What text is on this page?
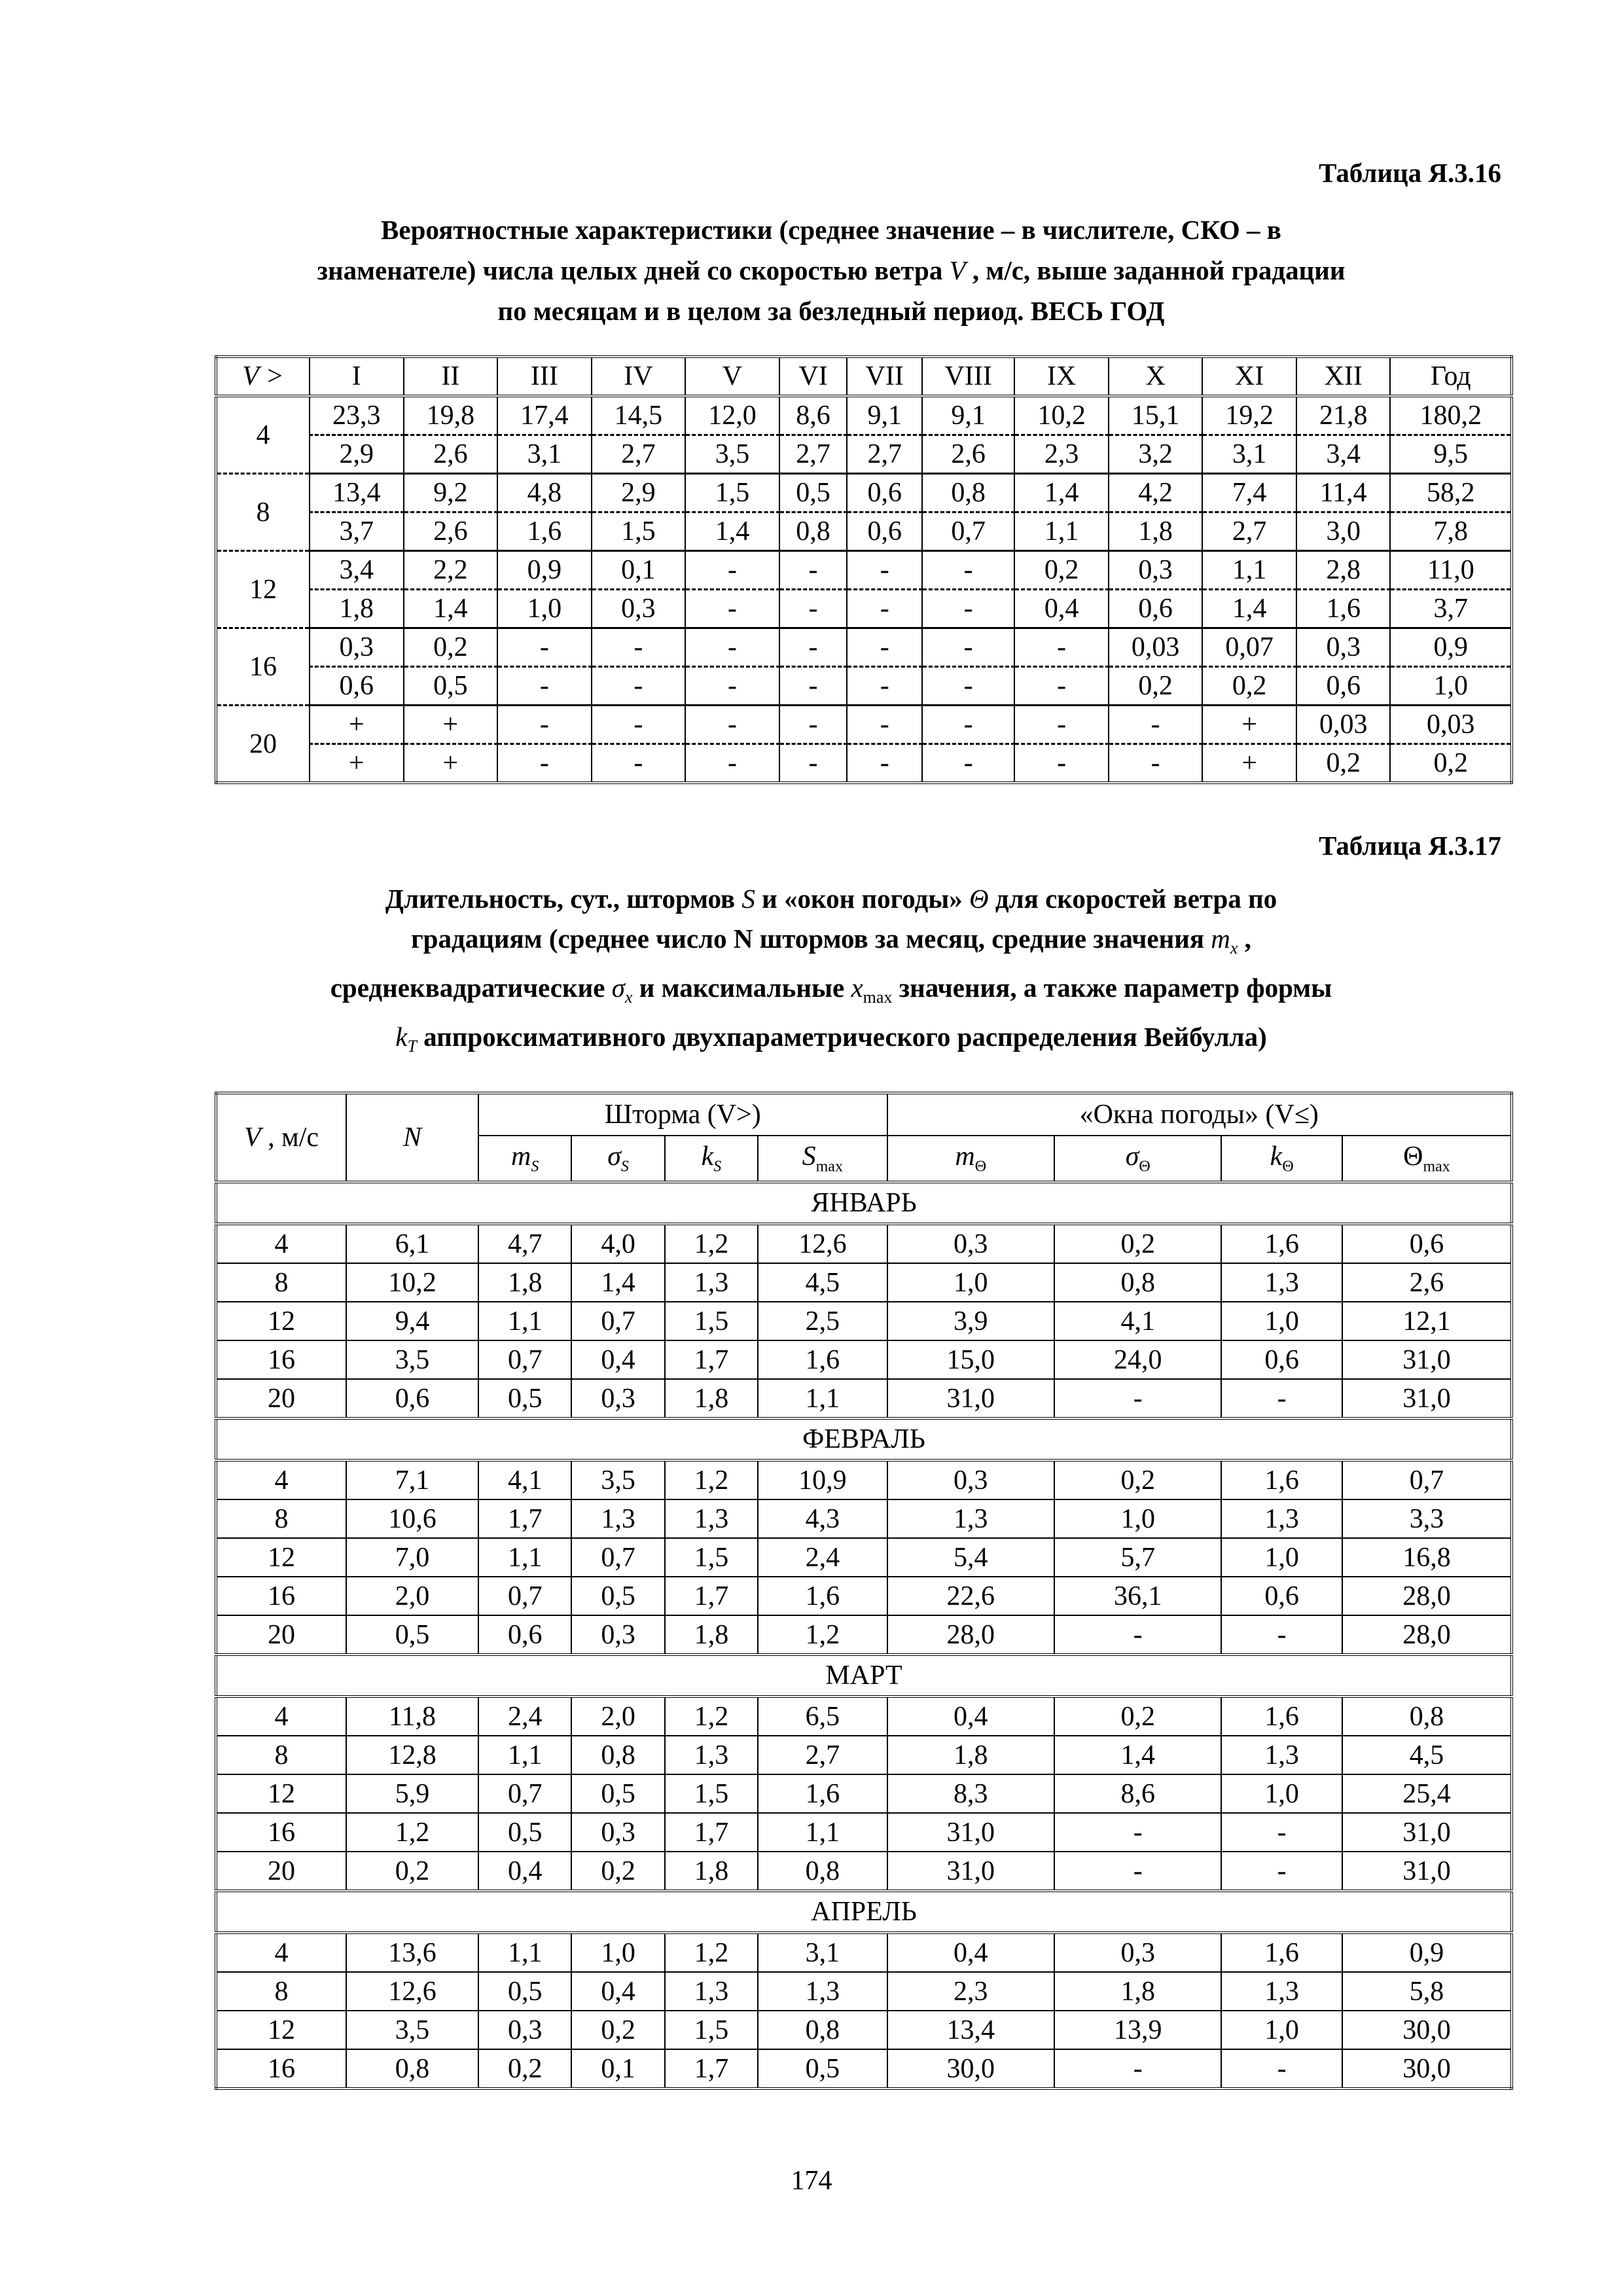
Таблица Я.3.16
Вероятностные характеристики (среднее значение – в числителе, СКО – в
знаменателе) числа целых дней со скоростью ветра V , м/с, выше заданной градации
по месяцам и в целом за безледный период. ВЕСЬ ГОД
V >	I	II	III	IV	V	VI	VII	VIII	IX	X	XI	XII	Год
4	23,3	19,8	17,4	14,5	12,0	8,6	9,1	9,1	10,2	15,1	19,2	21,8	180,2
	2,9	2,6	3,1	2,7	3,5	2,7	2,7	2,6	2,3	3,2	3,1	3,4	9,5
8	13,4	9,2	4,8	2,9	1,5	0,5	0,6	0,8	1,4	4,2	7,4	11,4	58,2
	3,7	2,6	1,6	1,5	1,4	0,8	0,6	0,7	1,1	1,8	2,7	3,0	7,8
12	3,4	2,2	0,9	0,1	-	-	-	-	0,2	0,3	1,1	2,8	11,0
	1,8	1,4	1,0	0,3	-	-	-	-	0,4	0,6	1,4	1,6	3,7
16	0,3	0,2	-	-	-	-	-	-	-	0,03	0,07	0,3	0,9
	0,6	0,5	-	-	-	-	-	-	-	0,2	0,2	0,6	1,0
20	+	+	-	-	-	-	-	-	-	-	+	0,03	0,03
	+	+	-	-	-	-	-	-	-	-	+	0,2	0,2
Таблица Я.3.17
Длительность, сут., штормов S и «окон погоды» Θ для скоростей ветра по
градациям (среднее число N штормов за месяц, средние значения $m_x$ ,
среднеквадратические $\sigma_x$ и максимальные $x_{max}$ значения, а также параметр формы
$k_T$ аппроксимативного двухпараметрического распределения Вейбулла)
V , м/с	N	Шторма (V>)				«Окна погоды» (V≤)			
		$m_S$	$\sigma_S$	$k_S$	$S_{max}$	$m_\Theta$	$\sigma_\Theta$	$k_\Theta$	$\Theta_{max}$
ЯНВАРЬ									
4	6,1	4,7	4,0	1,2	12,6	0,3	0,2	1,6	0,6
8	10,2	1,8	1,4	1,3	4,5	1,0	0,8	1,3	2,6
12	9,4	1,1	0,7	1,5	2,5	3,9	4,1	1,0	12,1
16	3,5	0,7	0,4	1,7	1,6	15,0	24,0	0,6	31,0
20	0,6	0,5	0,3	1,8	1,1	31,0	-	-	31,0
ФЕВРАЛЬ									
4	7,1	4,1	3,5	1,2	10,9	0,3	0,2	1,6	0,7
8	10,6	1,7	1,3	1,3	4,3	1,3	1,0	1,3	3,3
12	7,0	1,1	0,7	1,5	2,4	5,4	5,7	1,0	16,8
16	2,0	0,7	0,5	1,7	1,6	22,6	36,1	0,6	28,0
20	0,5	0,6	0,3	1,8	1,2	28,0	-	-	28,0
МАРТ									
4	11,8	2,4	2,0	1,2	6,5	0,4	0,2	1,6	0,8
8	12,8	1,1	0,8	1,3	2,7	1,8	1,4	1,3	4,5
12	5,9	0,7	0,5	1,5	1,6	8,3	8,6	1,0	25,4
16	1,2	0,5	0,3	1,7	1,1	31,0	-	-	31,0
20	0,2	0,4	0,2	1,8	0,8	31,0	-	-	31,0
АПРЕЛЬ									
4	13,6	1,1	1,0	1,2	3,1	0,4	0,3	1,6	0,9
8	12,6	0,5	0,4	1,3	1,3	2,3	1,8	1,3	5,8
12	3,5	0,3	0,2	1,5	0,8	13,4	13,9	1,0	30,0
16	0,8	0,2	0,1	1,7	0,5	30,0	-	-	30,0
174
